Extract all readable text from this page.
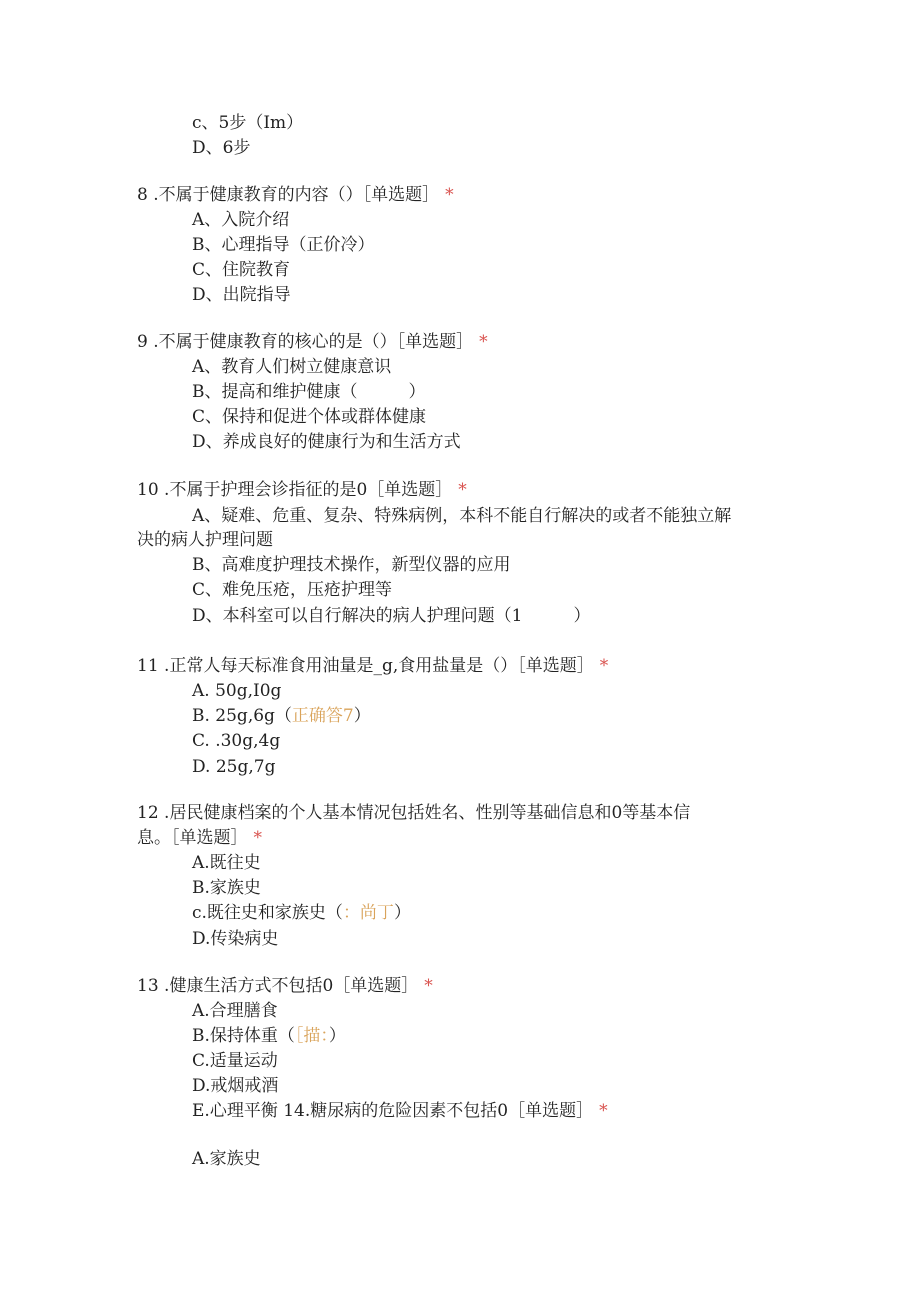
c、5步（Im）
D、6步
8 .不属于健康教育的内容（）［单选题］ *
A、入院介绍
B、心理指导（正价冷）
C、住院教育
D、出院指导
9 .不属于健康教育的核心的是（）［单选题］ *
A、教育人们树立健康意识
B、提高和维护健康（　　　）
C、保持和促进个体或群体健康
D、养成良好的健康行为和生活方式
10 .不属于护理会诊指征的是0［单选题］ *
A、疑难、危重、复杂、特殊病例，本科不能自行解决的或者不能独立解
决的病人护理问题
B、高难度护理技术操作，新型仪器的应用
C、难免压疮，压疮护理等
D、本科室可以自行解决的病人护理问题（1　　　）
11 .正常人每天标准食用油量是_g,食用盐量是（）［单选题］ *
A. 50g,I0g
B. 25g,6g（正确答7）
C. .30g,4g
D. 25g,7g
12 .居民健康档案的个人基本情况包括姓名、性别等基础信息和0等基本信
息。［单选题］ *
A.既往史
B.家族史
c.既往史和家族史（：尚丁）
D.传染病史
13 .健康生活方式不包括0［单选题］ *
A.合理膳食
B.保持体重（［描：）
C.适量运动
D.戒烟戒酒
E.心理平衡 14.糖尿病的危险因素不包括0［单选题］ *
A.家族史
